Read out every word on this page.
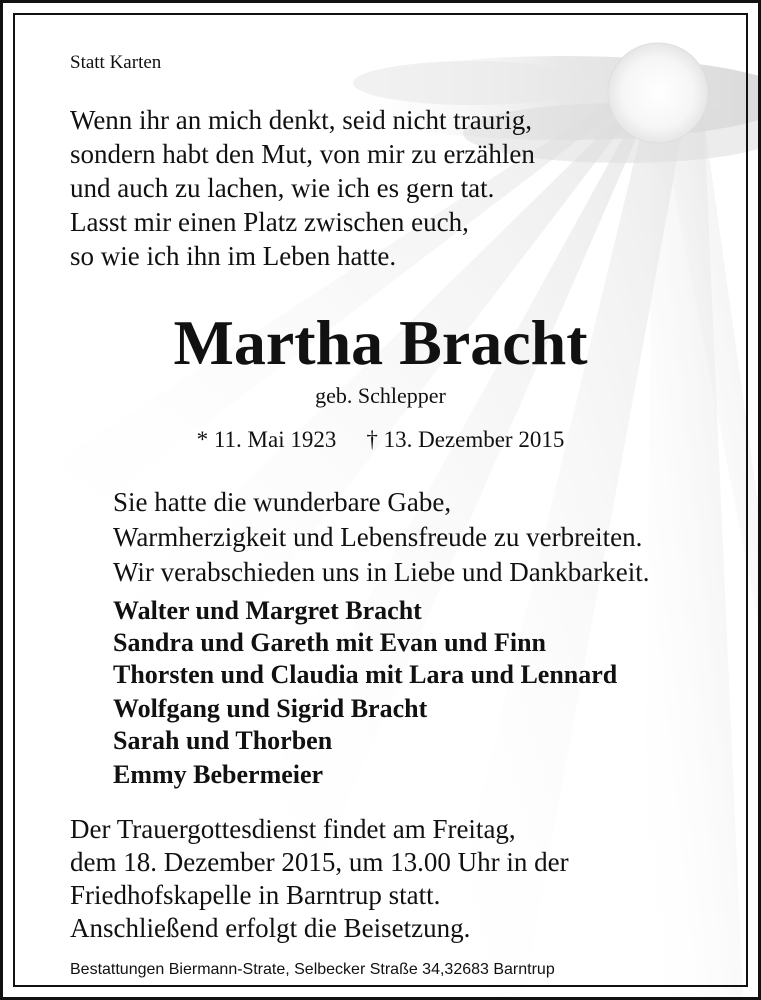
Statt Karten

Wenn ihr an mich denkt, seid nicht traurig,
sondern habt den Mut, von mir zu erzählen
und auch zu lachen, wie ich es gern tat.
Lasst mir einen Platz zwischen euch,
so wie ich ihn im Leben hatte.
Martha Bracht

geb. Schlepper

* 11. Mai 1923 † 13. Dezember 2015

Sie hatte die wunderbare Gabe,
Warmherzigkeit und Lebensfreude zu verbreiten.
Wir verabschieden uns in Liebe und Dankbarkeit.
Walter und Margret Bracht
Sandra und Gareth mit Evan und Finn
Thorsten und Claudia mit Lara und Lennard
Wolfgang und Sigrid Bracht
Sarah und Thorben
Emmy Bebermeier
Der Trauergottesdienst findet am Freitag,
dem 18. Dezember 2015, um 13.00 Uhr in der
Friedhofskapelle in Barntrup statt.
Anschließend erfolgt die Beisetzung.

Bestattungen Biermann-Strate, Selbecker Straße 34,32683 Barntrup
